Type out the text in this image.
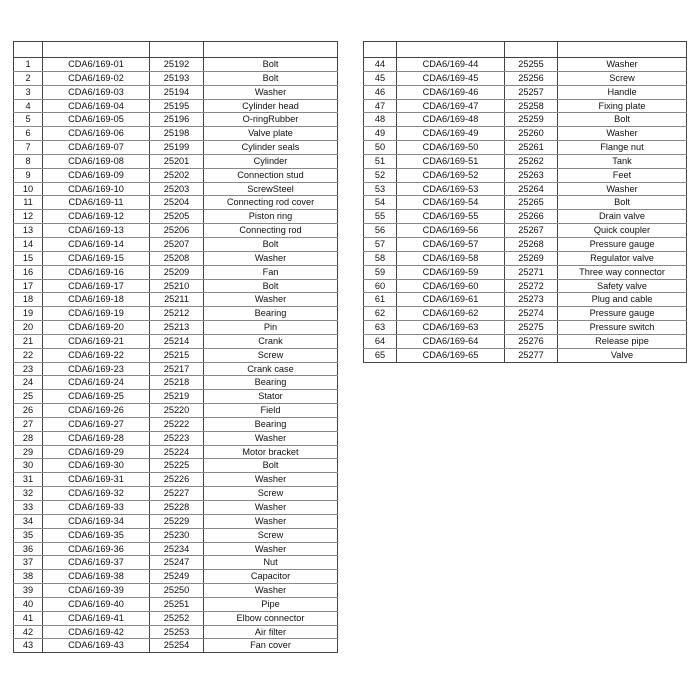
1	CDA6/169-01	25192	Bolt
2	CDA6/169-02	25193	Bolt
3	CDA6/169-03	25194	Washer
4	CDA6/169-04	25195	Cylinder head
5	CDA6/169-05	25196	O-ringRubber
6	CDA6/169-06	25198	Valve plate
7	CDA6/169-07	25199	Cylinder seals
8	CDA6/169-08	25201	Cylinder
9	CDA6/169-09	25202	Connection stud
10	CDA6/169-10	25203	ScrewSteel
11	CDA6/169-11	25204	Connecting rod cover
12	CDA6/169-12	25205	Piston ring
13	CDA6/169-13	25206	Connecting rod
14	CDA6/169-14	25207	Bolt
15	CDA6/169-15	25208	Washer
16	CDA6/169-16	25209	Fan
17	CDA6/169-17	25210	Bolt
18	CDA6/169-18	25211	Washer
19	CDA6/169-19	25212	Bearing
20	CDA6/169-20	25213	Pin
21	CDA6/169-21	25214	Crank
22	CDA6/169-22	25215	Screw
23	CDA6/169-23	25217	Crank case
24	CDA6/169-24	25218	Bearing
25	CDA6/169-25	25219	Stator
26	CDA6/169-26	25220	Field
27	CDA6/169-27	25222	Bearing
28	CDA6/169-28	25223	Washer
29	CDA6/169-29	25224	Motor bracket
30	CDA6/169-30	25225	Bolt
31	CDA6/169-31	25226	Washer
32	CDA6/169-32	25227	Screw
33	CDA6/169-33	25228	Washer
34	CDA6/169-34	25229	Washer
35	CDA6/169-35	25230	Screw
36	CDA6/169-36	25234	Washer
37	CDA6/169-37	25247	Nut
38	CDA6/169-38	25249	Capacitor
39	CDA6/169-39	25250	Washer
40	CDA6/169-40	25251	Pipe
41	CDA6/169-41	25252	Elbow connector
42	CDA6/169-42	25253	Air filter
43	CDA6/169-43	25254	Fan cover

44	CDA6/169-44	25255	Washer
45	CDA6/169-45	25256	Screw
46	CDA6/169-46	25257	Handle
47	CDA6/169-47	25258	Fixing plate
48	CDA6/169-48	25259	Bolt
49	CDA6/169-49	25260	Washer
50	CDA6/169-50	25261	Flange nut
51	CDA6/169-51	25262	Tank
52	CDA6/169-52	25263	Feet
53	CDA6/169-53	25264	Washer
54	CDA6/169-54	25265	Bolt
55	CDA6/169-55	25266	Drain valve
56	CDA6/169-56	25267	Quick coupler
57	CDA6/169-57	25268	Pressure gauge
58	CDA6/169-58	25269	Regulator valve
59	CDA6/169-59	25271	Three way connector
60	CDA6/169-60	25272	Safety valve
61	CDA6/169-61	25273	Plug and cable
62	CDA6/169-62	25274	Pressure gauge
63	CDA6/169-63	25275	Pressure switch
64	CDA6/169-64	25276	Release pipe
65	CDA6/169-65	25277	Valve
